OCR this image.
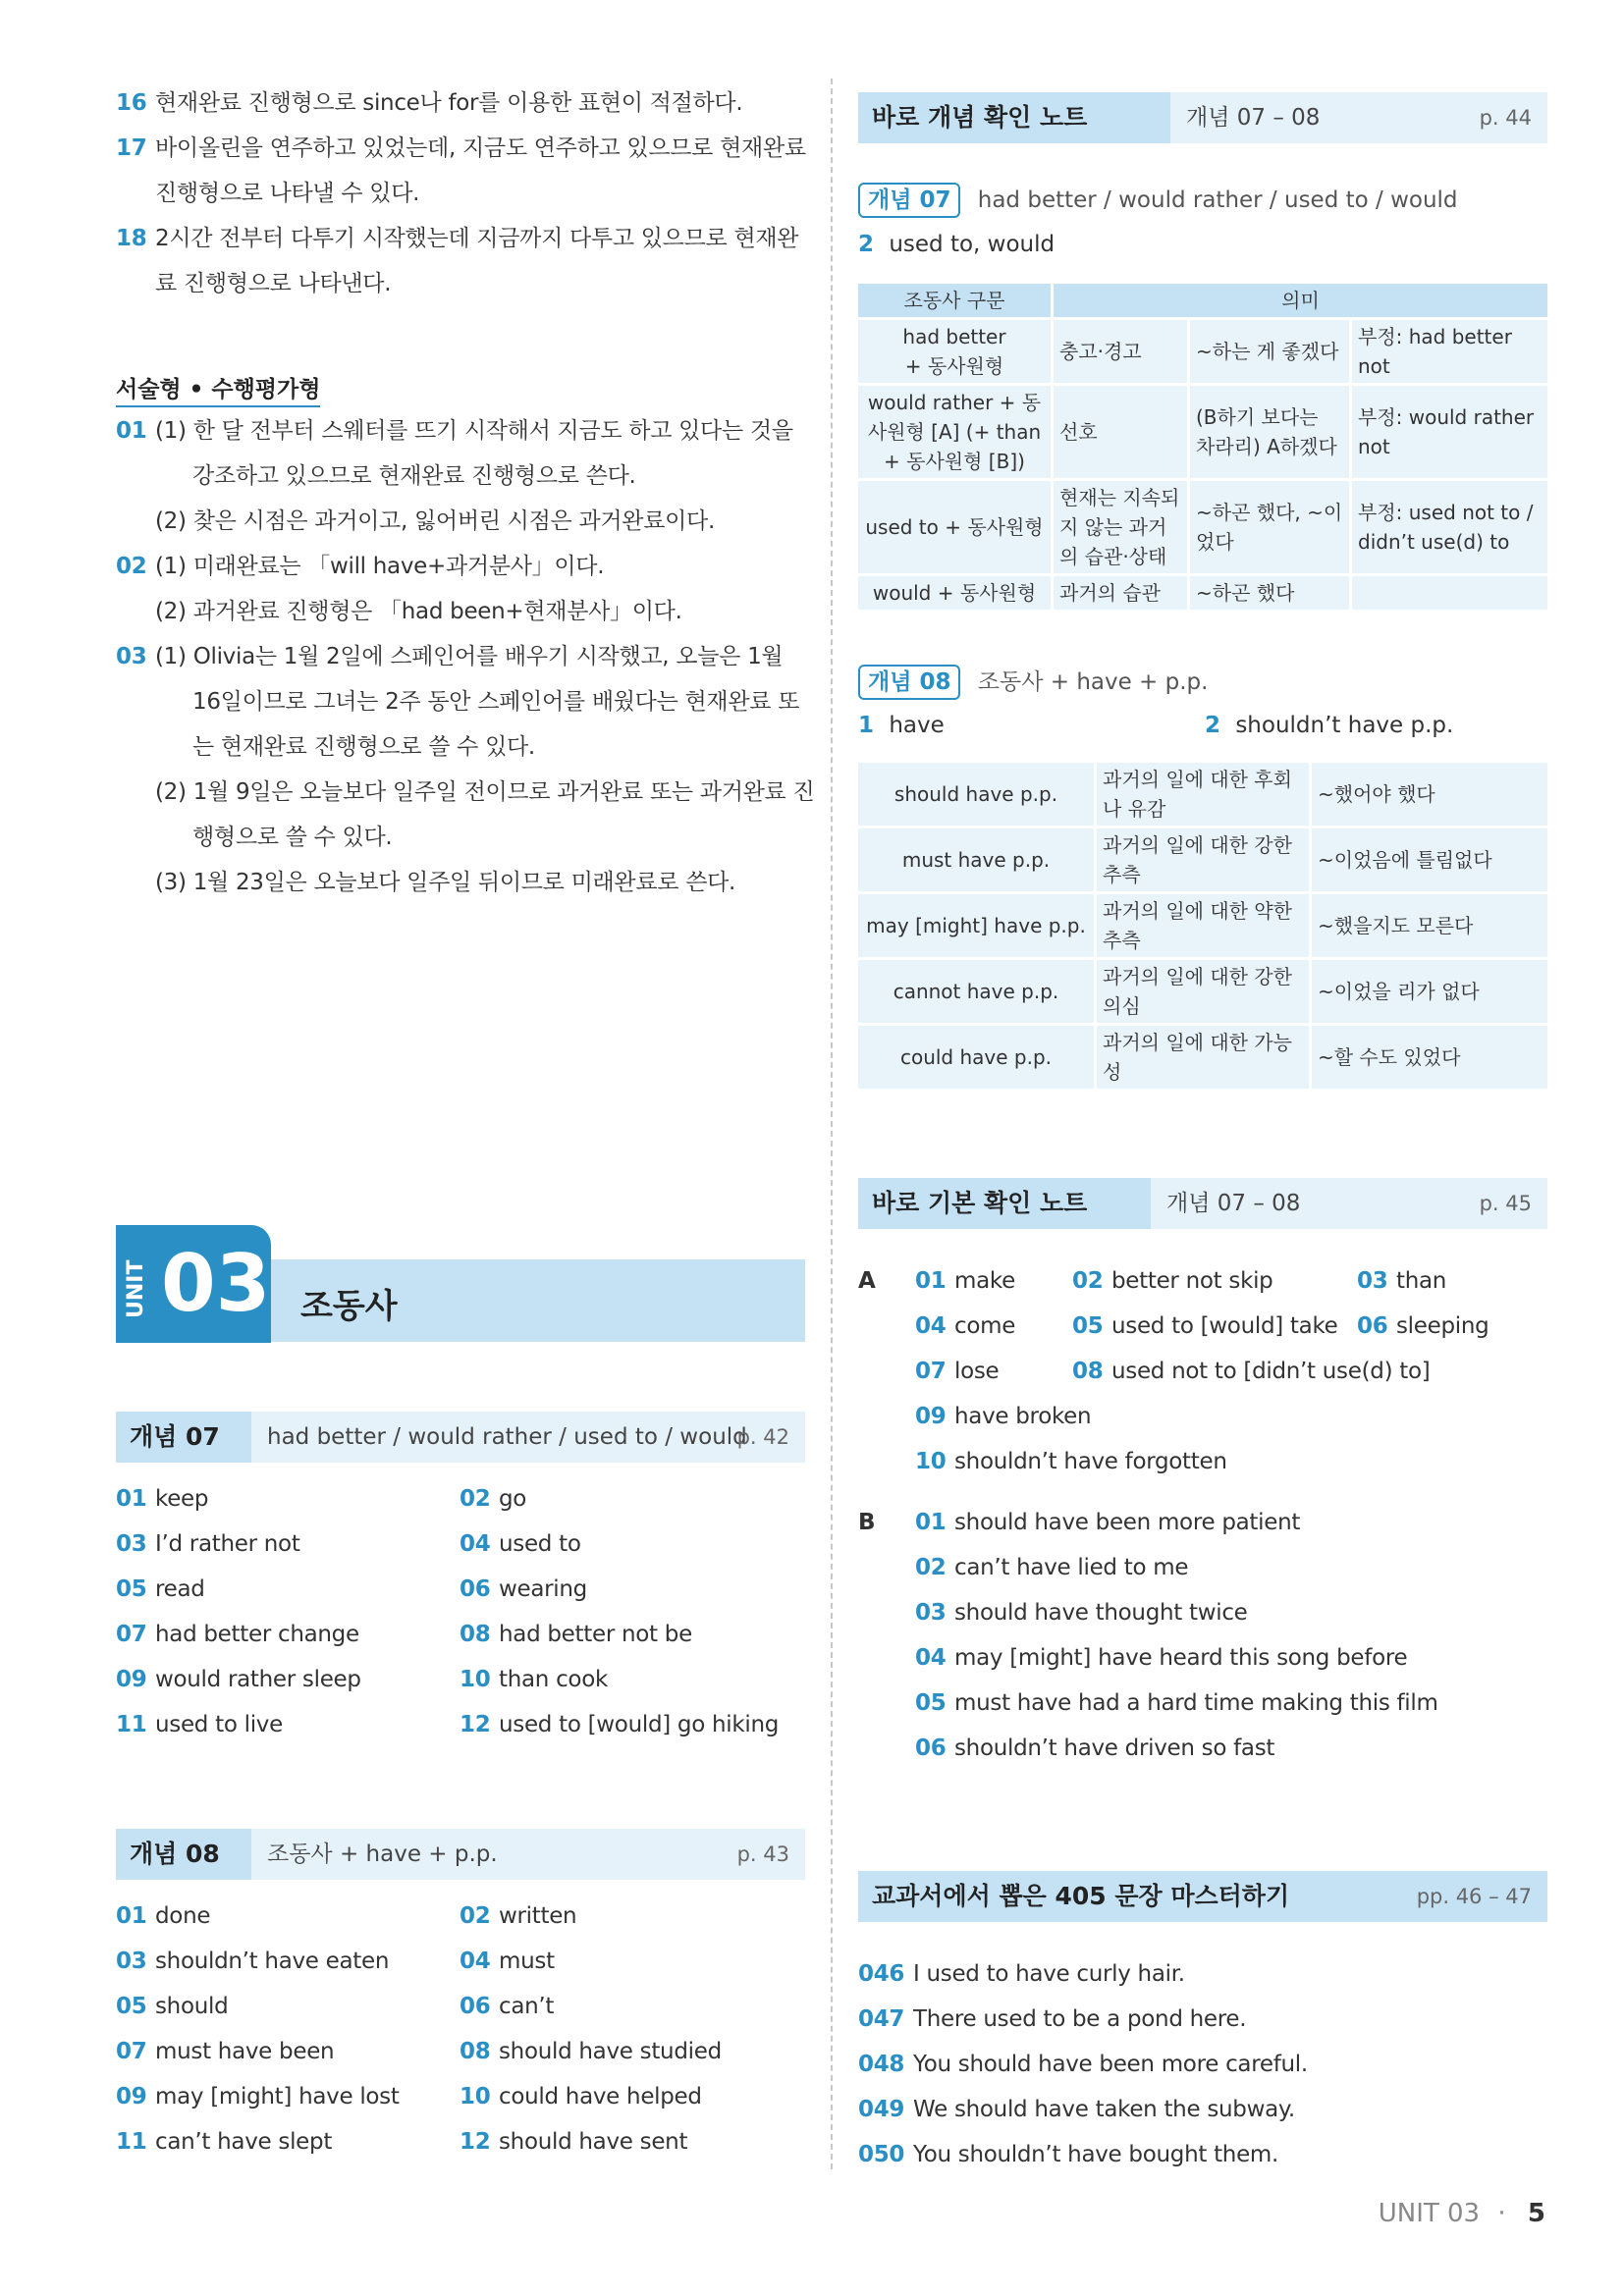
16 현재완료 진행형으로 since나 for를 이용한 표현이 적절하다.
17 바이올린을 연주하고 있었는데, 지금도 연주하고 있으므로 현재완료
진행형으로 나타낼 수 있다.
18 2시간 전부터 다투기 시작했는데 지금까지 다투고 있으므로 현재완
료 진행형으로 나타낸다.
서술형 • 수행평가형
01 (1) 한 달 전부터 스웨터를 뜨기 시작해서 지금도 하고 있다는 것을
강조하고 있으므로 현재완료 진행형으로 쓴다.
(2) 찾은 시점은 과거이고, 잃어버린 시점은 과거완료이다.
02 (1) 미래완료는 「will have+과거분사」이다.
(2) 과거완료 진행형은 「had been+현재분사」이다.
03 (1) Olivia는 1월 2일에 스페인어를 배우기 시작했고, 오늘은 1월
16일이므로 그녀는 2주 동안 스페인어를 배웠다는 현재완료 또
는 현재완료 진행형으로 쓸 수 있다.
(2) 1월 9일은 오늘보다 일주일 전이므로 과거완료 또는 과거완료 진
행형으로 쓸 수 있다.
(3) 1월 23일은 오늘보다 일주일 뒤이므로 미래완료로 쓴다.
UNIT 03 조동사
개념 07	had better / would rather / used to / would
p. 42
01 keep	02 go
03 I’d rather not	04 used to
05 read	06 wearing
07 had better change	08 had better not be
09 would rather sleep	10 than cook
11 used to live	12 used to [would] go hiking
개념 08	조동사 + have + p.p.	p. 43
01 done	02 written
03 shouldn’t have eaten	04 must
05 should	06 can’t
07 must have been	08 should have studied
09 may [might] have lost	10 could have helped
11 can’t have slept	12 should have sent
바로 개념 확인 노트	개념 07 – 08	p. 44
개념 07 had better / would rather / used to / would
2 used to, would
조동사 구문	의미		
had better
+ 동사원형	충고·경고	~하는 게 좋겠다	부정: had better not
would rather + 동사원형 [A] (+ than + 동사원형 [B])	선호	(B하기 보다는 차라리) A하겠다	부정: would rather not
used to + 동사원형	현재는 지속되지 않는 과거의 습관·상태	~하곤 했다, ~이었다	부정: used not to / didn’t use(d) to
would + 동사원형	과거의 습관	~하곤 했다	
개념 08 조동사 + have + p.p.
1 have	2 shouldn’t have p.p.
should have p.p.	과거의 일에 대한 후회나 유감	~했어야 했다
must have p.p.	과거의 일에 대한 강한 추측	~이었음에 틀림없다
may [might] have p.p.	과거의 일에 대한 약한 추측	~했을지도 모른다
cannot have p.p.	과거의 일에 대한 강한 의심	~이었을 리가 없다
could have p.p.	과거의 일에 대한 가능성	~할 수도 있었다
바로 기본 확인 노트	개념 07 – 08	p. 45
A 01 make	02 better not skip	03 than
04 come	05 used to [would] take 06 sleeping
07 lose	08 used not to [didn’t use(d) to]
09 have broken
10 shouldn’t have forgotten
B 01 should have been more patient
02 can’t have lied to me
03 should have thought twice
04 may [might] have heard this song before
05 must have had a hard time making this film
06 shouldn’t have driven so fast
교과서에서 뽑은 405 문장 마스터하기	pp. 46 – 47
046 I used to have curly hair.
047 There used to be a pond here.
048 You should have been more careful.
049 We should have taken the subway.
050 You shouldn’t have bought them.
UNIT 03 · 5
